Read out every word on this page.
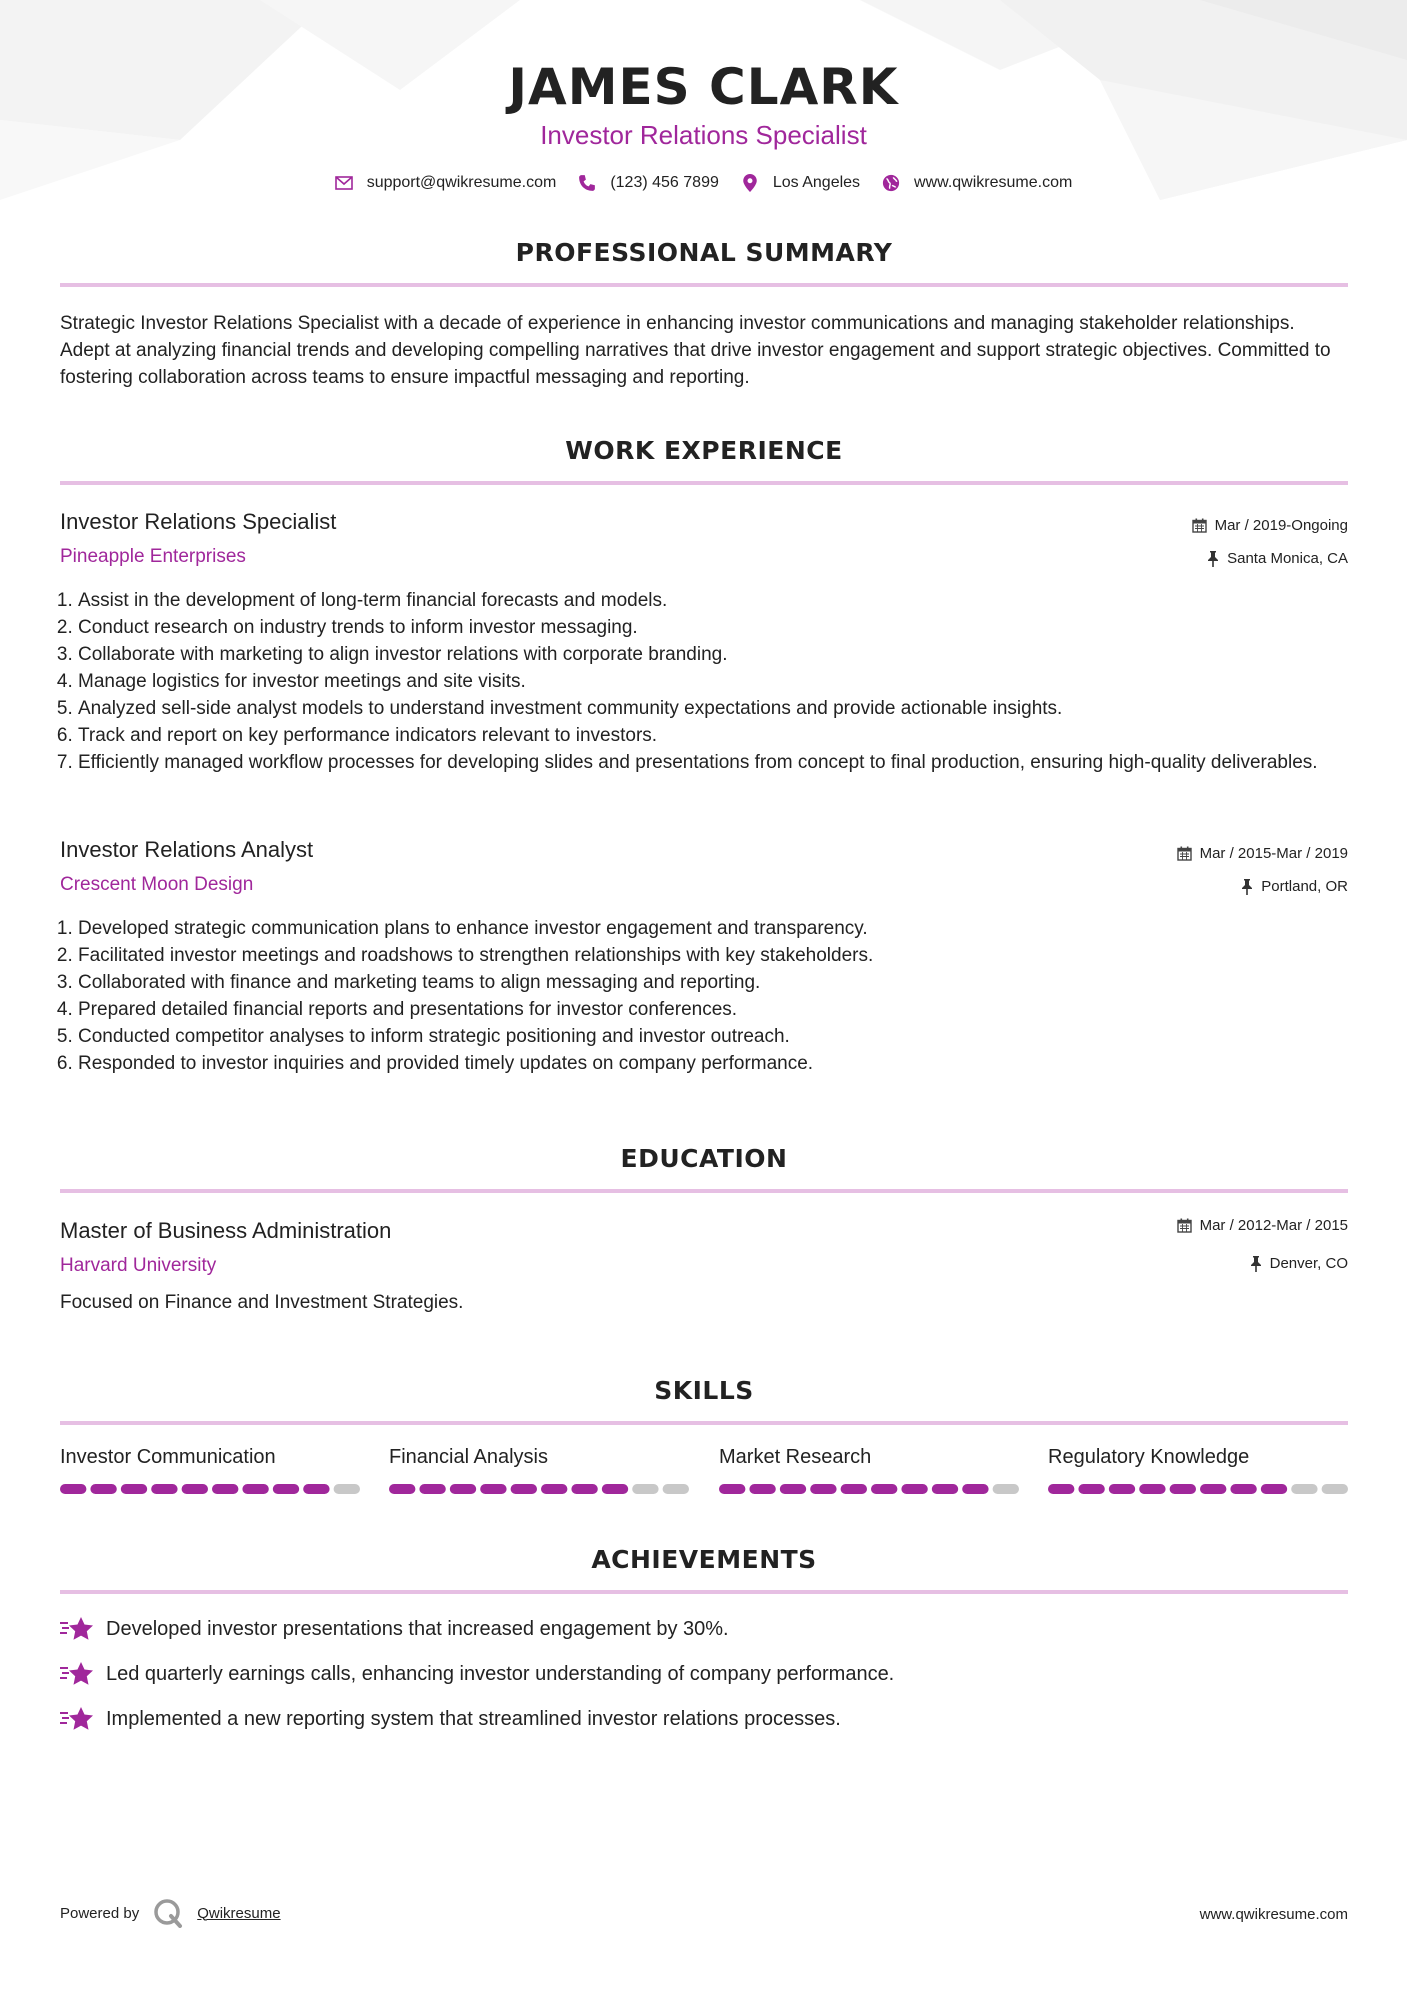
JAMES CLARK
Investor Relations Specialist
support@qwikresume.com	(123) 456 7899	Los Angeles	www.qwikresume.com
PROFESSIONAL SUMMARY
Strategic Investor Relations Specialist with a decade of experience in enhancing investor communications and managing stakeholder relationships. Adept at analyzing financial trends and developing compelling narratives that drive investor engagement and support strategic objectives. Committed to fostering collaboration across teams to ensure impactful messaging and reporting.
WORK EXPERIENCE
Investor Relations Specialist
Pineapple Enterprises
Mar / 2019-Ongoing
Santa Monica, CA
1. Assist in the development of long-term financial forecasts and models.
2. Conduct research on industry trends to inform investor messaging.
3. Collaborate with marketing to align investor relations with corporate branding.
4. Manage logistics for investor meetings and site visits.
5. Analyzed sell-side analyst models to understand investment community expectations and provide actionable insights.
6. Track and report on key performance indicators relevant to investors.
7. Efficiently managed workflow processes for developing slides and presentations from concept to final production, ensuring high-quality deliverables.
Investor Relations Analyst
Crescent Moon Design
Mar / 2015-Mar / 2019
Portland, OR
1. Developed strategic communication plans to enhance investor engagement and transparency.
2. Facilitated investor meetings and roadshows to strengthen relationships with key stakeholders.
3. Collaborated with finance and marketing teams to align messaging and reporting.
4. Prepared detailed financial reports and presentations for investor conferences.
5. Conducted competitor analyses to inform strategic positioning and investor outreach.
6. Responded to investor inquiries and provided timely updates on company performance.
EDUCATION
Master of Business Administration
Harvard University
Mar / 2012-Mar / 2015
Denver, CO
Focused on Finance and Investment Strategies.
SKILLS
Investor Communication	Financial Analysis	Market Research	Regulatory Knowledge
ACHIEVEMENTS
Developed investor presentations that increased engagement by 30%.
Led quarterly earnings calls, enhancing investor understanding of company performance.
Implemented a new reporting system that streamlined investor relations processes.
Powered by	Qwikresume	www.qwikresume.com
